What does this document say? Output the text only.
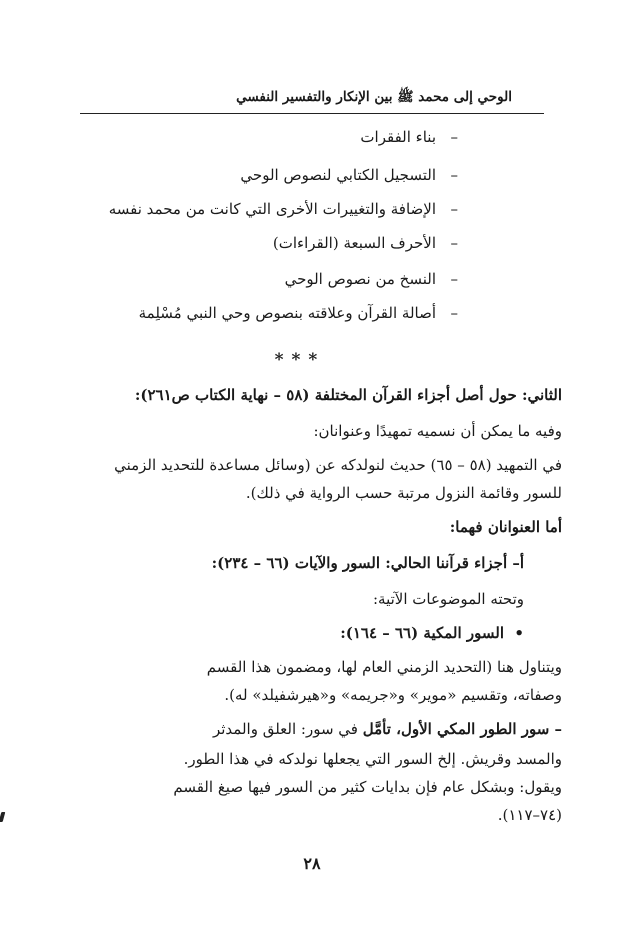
الوحي إلى محمد ﷺ بين الإنكار والتفسير النفسي
–بناء الفقرات
–التسجيل الكتابي لنصوص الوحي
–الإضافة والتغييرات الأخرى التي كانت من محمد نفسه
–الأحرف السبعة (القراءات)
–النسخ من نصوص الوحي
–أصالة القرآن وعلاقته بنصوص وحي النبي مُسْلِمة
***
الثاني: حول أصل أجزاء القرآن المختلفة (٥٨ – نهاية الكتاب ص٢٦١):
وفيه ما يمكن أن نسميه تمهيدًا وعنوانان:
في التمهيد (٥٨ – ٦٥) حديث لنولدكه عن (وسائل مساعدة للتحديد الزمني
للسور وقائمة النزول مرتبة حسب الرواية في ذلك).
أما العنوانان فهما:
أ– أجزاء قرآننا الحالي: السور والآيات (٦٦ – ٢٣٤):
وتحته الموضوعات الآتية:
•السور المكية (٦٦ – ١٦٤):
ويتناول هنا (التحديد الزمني العام لها، ومضمون هذا القسم
وصفاته، وتقسيم «موير» و«جريمه» و«هيرشفيلد» له).
– سور الطور المكي الأول، تأمَّل في سور: العلق والمدثر
والمسد وقريش. إلخ السور التي يجعلها نولدكه في هذا الطور.
ويقول: وبشكل عام فإن بدايات كثير من السور فيها صيغ القسم
(٧٤–١١٧).
٢٨
